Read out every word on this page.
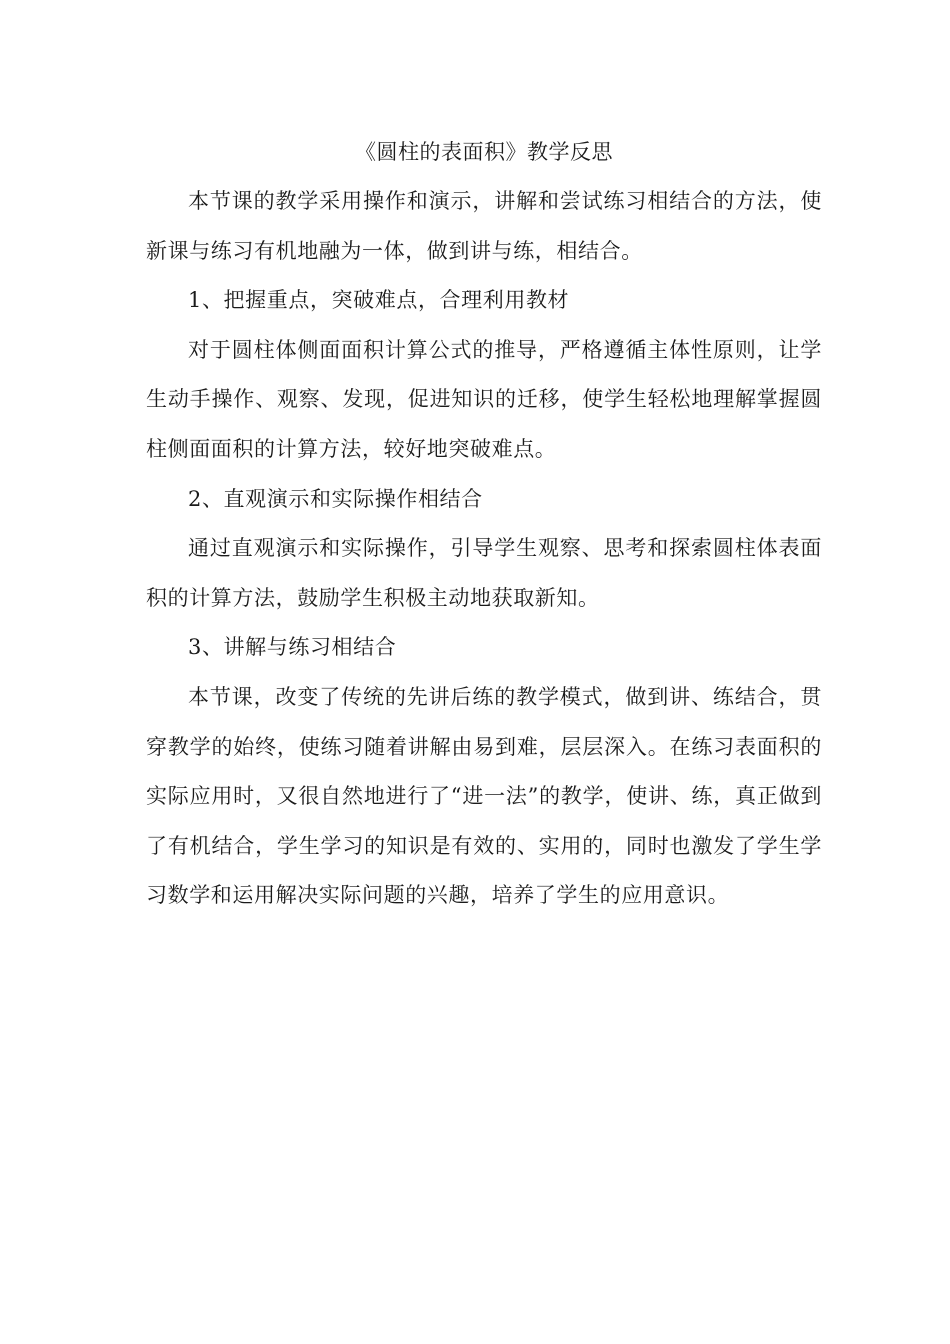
《圆柱的表面积》教学反思

本节课的教学采用操作和演示，讲解和尝试练习相结合的方法，使新课与练习有机地融为一体，做到讲与练，相结合。

1、把握重点，突破难点，合理利用教材

对于圆柱体侧面面积计算公式的推导，严格遵循主体性原则，让学生动手操作、观察、发现，促进知识的迁移，使学生轻松地理解掌握圆柱侧面面积的计算方法，较好地突破难点。

2、直观演示和实际操作相结合

通过直观演示和实际操作，引导学生观察、思考和探索圆柱体表面积的计算方法，鼓励学生积极主动地获取新知。

3、讲解与练习相结合

本节课，改变了传统的先讲后练的教学模式，做到讲、练结合，贯穿教学的始终，使练习随着讲解由易到难，层层深入。在练习表面积的实际应用时，又很自然地进行了“进一法”的教学，使讲、练，真正做到了有机结合，学生学习的知识是有效的、实用的，同时也激发了学生学习数学和运用解决实际问题的兴趣，培养了学生的应用意识。
